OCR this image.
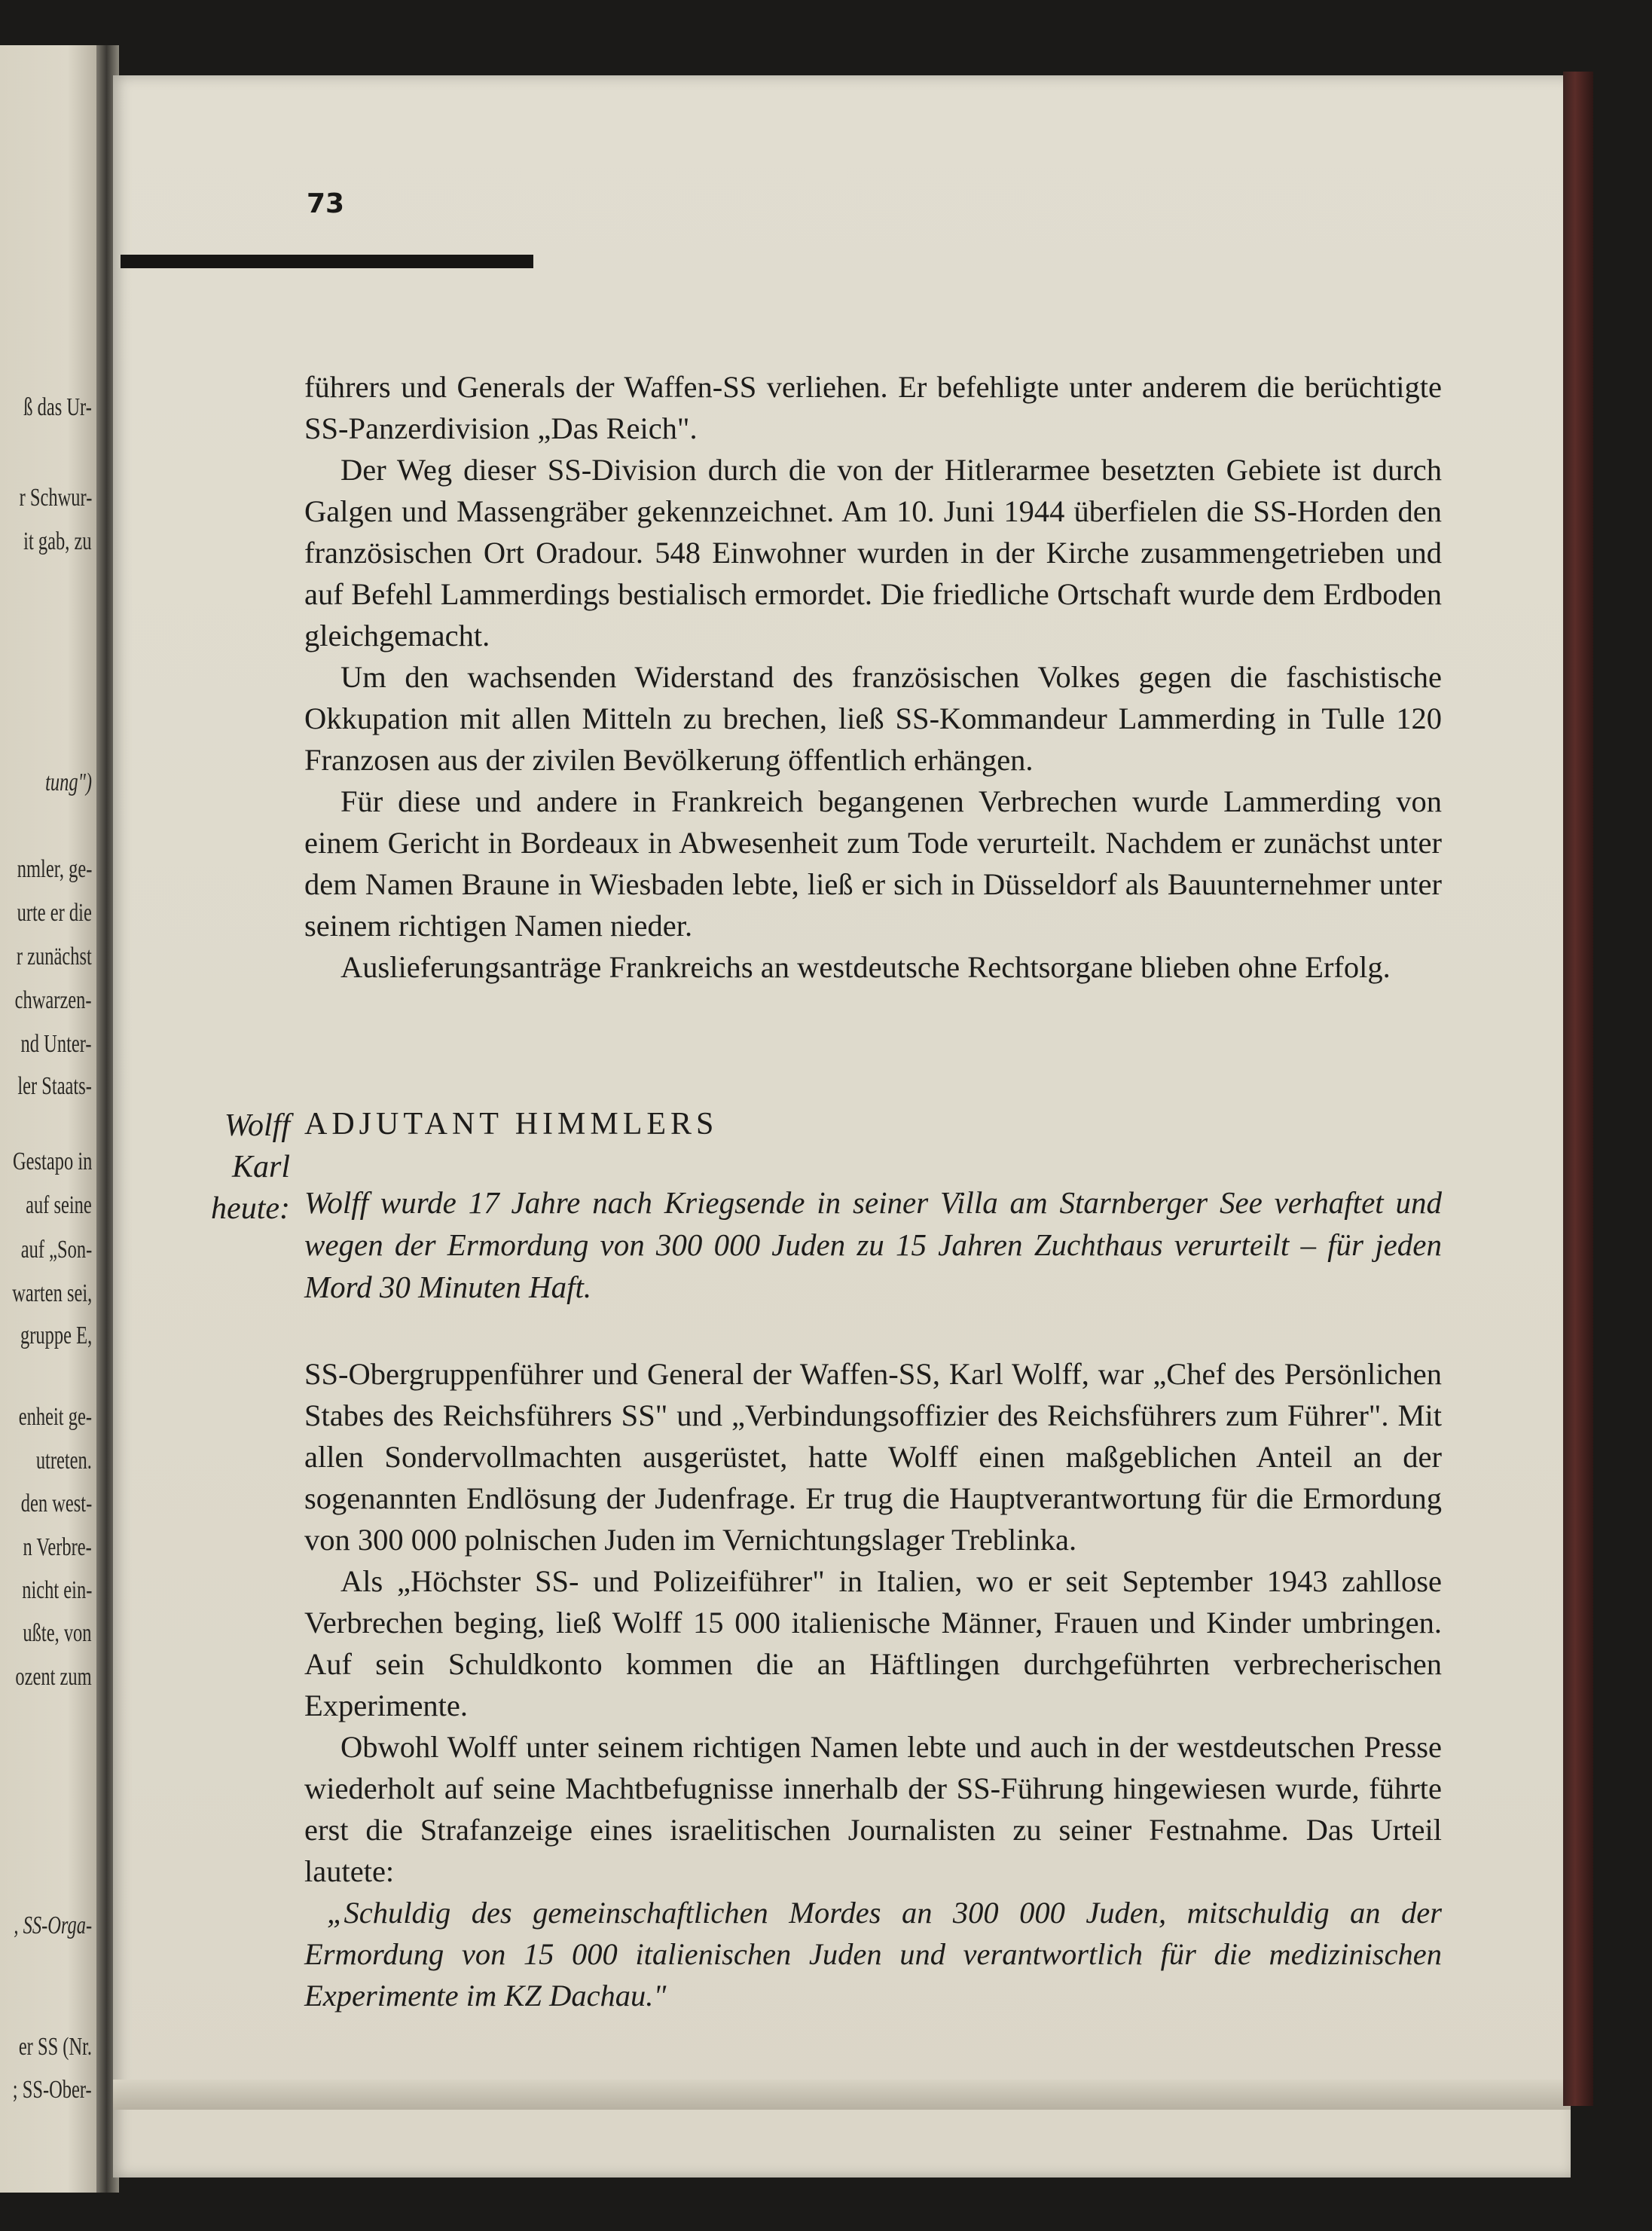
ß das Ur-
r Schwur-
it gab, zu
tung")
nmler, ge-
urte er die
r zunächst
chwarzen-
nd Unter-
ler Staats-
Gestapo in
auf seine
auf „Son-
warten sei,
gruppe E,
enheit ge-
utreten.
den west-
n Verbre-
nicht ein-
ußte, von
ozent zum
, SS-Orga-
er SS (Nr.
; SS-Ober-
73

führers und Generals der Waffen-SS verliehen. Er befehligte unter anderem die berüchtigte SS-Panzerdivision „Das Reich".

Der Weg dieser SS-Division durch die von der Hitlerarmee besetzten Gebiete ist durch Galgen und Massengräber gekennzeichnet. Am 10. Juni 1944 überfielen die SS-Horden den französischen Ort Oradour. 548 Einwohner wurden in der Kirche zusammengetrieben und auf Befehl Lammerdings bestialisch ermordet. Die friedliche Ortschaft wurde dem Erdboden gleichgemacht.

Um den wachsenden Widerstand des französischen Volkes gegen die faschistische Okkupation mit allen Mitteln zu brechen, ließ SS-Kommandeur Lammerding in Tulle 120 Franzosen aus der zivilen Bevölkerung öffentlich erhängen.

Für diese und andere in Frankreich begangenen Verbrechen wurde Lammerding von einem Gericht in Bordeaux in Abwesenheit zum Tode verurteilt. Nachdem er zunächst unter dem Namen Braune in Wiesbaden lebte, ließ er sich in Düsseldorf als Bauunternehmer unter seinem richtigen Namen nieder.

Auslieferungsanträge Frankreichs an westdeutsche Rechtsorgane blieben ohne Erfolg.

Wolff
Karl
heute:
ADJUTANT HIMMLERS

Wolff wurde 17 Jahre nach Kriegsende in seiner Villa am Starnberger See verhaftet und wegen der Ermordung von 300 000 Juden zu 15 Jahren Zuchthaus verurteilt – für jeden Mord 30 Minuten Haft.

SS-Obergruppenführer und General der Waffen-SS, Karl Wolff, war „Chef des Persönlichen Stabes des Reichsführers SS" und „Verbindungsoffizier des Reichsführers zum Führer". Mit allen Sondervollmachten ausgerüstet, hatte Wolff einen maßgeblichen Anteil an der sogenannten Endlösung der Judenfrage. Er trug die Hauptverantwortung für die Ermordung von 300 000 polnischen Juden im Vernichtungslager Treblinka.

Als „Höchster SS- und Polizeiführer" in Italien, wo er seit September 1943 zahllose Verbrechen beging, ließ Wolff 15 000 italienische Männer, Frauen und Kinder umbringen. Auf sein Schuldkonto kommen die an Häftlingen durchgeführten verbrecherischen Experimente.

Obwohl Wolff unter seinem richtigen Namen lebte und auch in der westdeutschen Presse wiederholt auf seine Machtbefugnisse innerhalb der SS-Führung hingewiesen wurde, führte erst die Strafanzeige eines israelitischen Journalisten zu seiner Festnahme. Das Urteil lautete:

„Schuldig des gemeinschaftlichen Mordes an 300 000 Juden, mitschuldig an der Ermordung von 15 000 italienischen Juden und verantwortlich für die medizinischen Experimente im KZ Dachau."
